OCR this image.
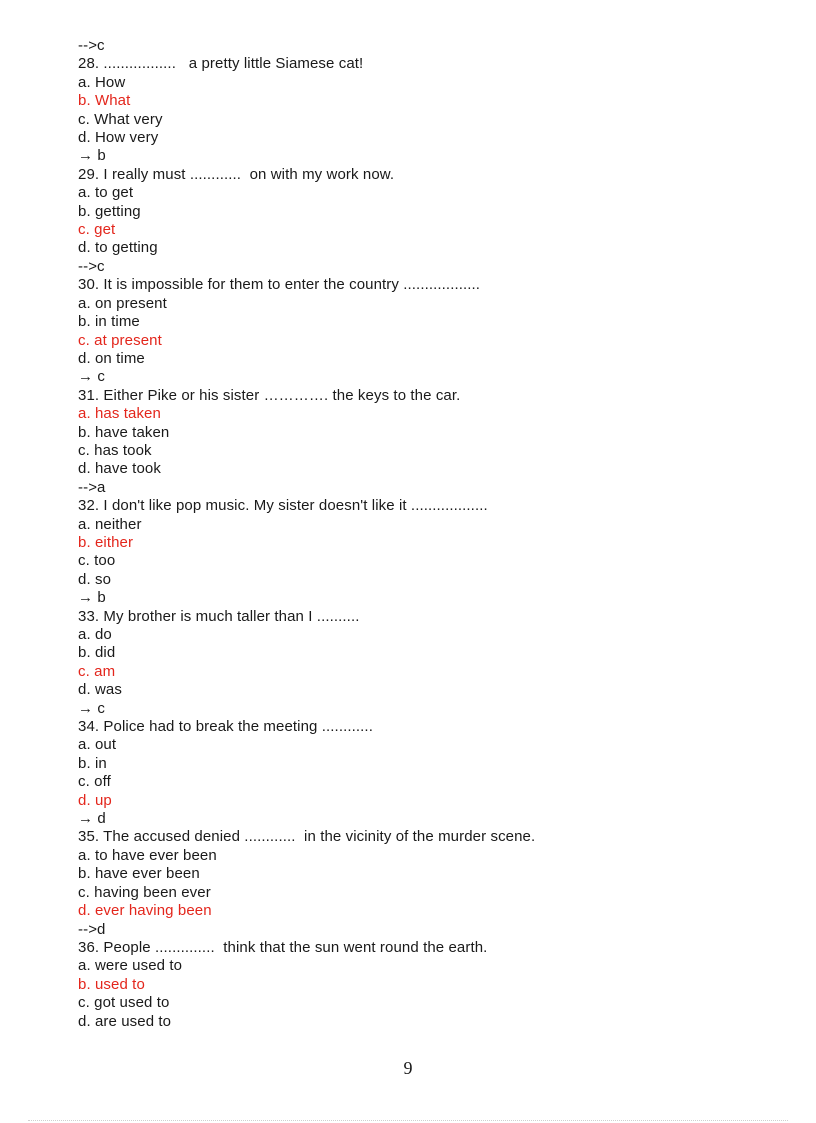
-->c
28. .................   a pretty little Siamese cat!
a. How
b. What
c. What very
d. How very
→ b
29. I really must ............  on with my work now.
a. to get
b. getting
c. get
d. to getting
-->c
30. It is impossible for them to enter the country ..................
a. on present
b. in time
c. at present
d. on time
→ c
31. Either Pike or his sister …………. the keys to the car.
a. has taken
b. have taken
c. has took
d. have took
-->a
32. I don't like pop music. My sister doesn't like it ..................
a. neither
b. either
c. too
d. so
→ b
33. My brother is much taller than I ..........
a. do
b. did
c. am
d. was
→ c
34. Police had to break the meeting ............
a. out
b. in
c. off
d. up
→ d
35. The accused denied ............  in the vicinity of the murder scene.
a. to have ever been
b. have ever been
c. having been ever
d. ever having been
-->d
36. People ..............  think that the sun went round the earth.
a. were used to
b. used to
c. got used to
d. are used to
9
